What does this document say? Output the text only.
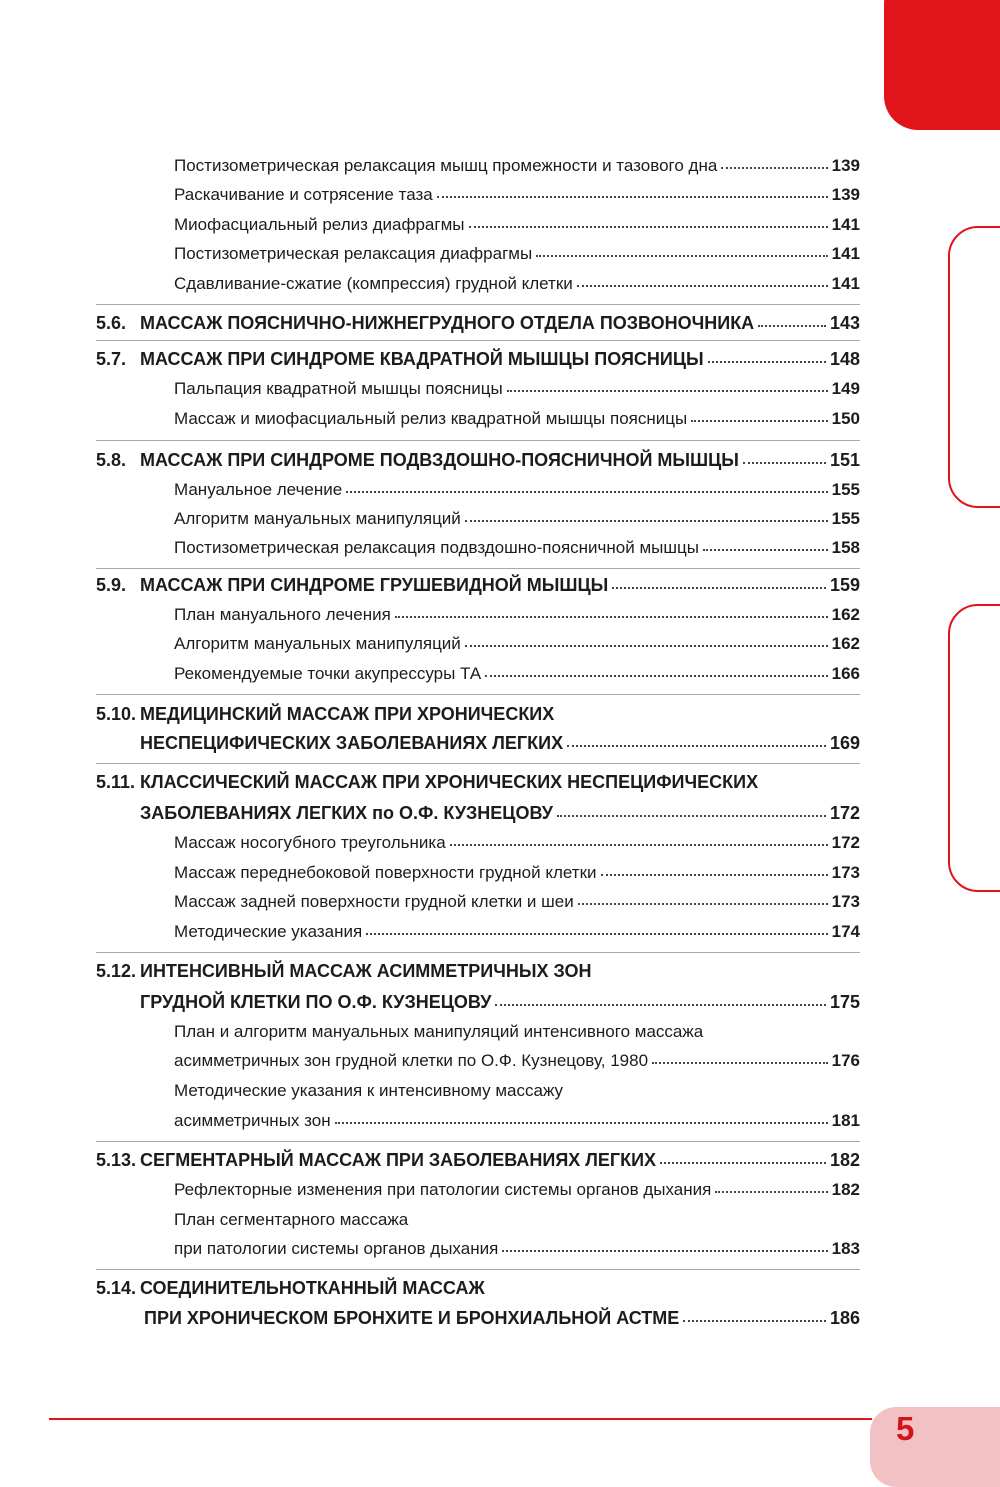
Постизометрическая релаксация мышц промежности и тазового дна	139
Раскачивание и сотрясение таза	139
Миофасциальный релиз диафрагмы	141
Постизометрическая релаксация диафрагмы	141
Сдавливание-сжатие (компрессия) грудной клетки	141
5.6. МАССАЖ ПОЯСНИЧНО-НИЖНЕГРУДНОГО ОТДЕЛА ПОЗВОНОЧНИКА	143
5.7. МАССАЖ ПРИ СИНДРОМЕ КВАДРАТНОЙ МЫШЦЫ ПОЯСНИЦЫ	148
Пальпация квадратной мышцы поясницы	149
Массаж и миофасциальный релиз квадратной мышцы поясницы	150
5.8. МАССАЖ ПРИ СИНДРОМЕ ПОДВЗДОШНО-ПОЯСНИЧНОЙ МЫШЦЫ	151
Мануальное лечение	155
Алгоритм мануальных манипуляций	155
Постизометрическая релаксация подвздошно-поясничной мышцы	158
5.9. МАССАЖ ПРИ СИНДРОМЕ ГРУШЕВИДНОЙ МЫШЦЫ	159
План мануального лечения	162
Алгоритм мануальных манипуляций	162
Рекомендуемые точки акупрессуры ТА	166
5.10. МЕДИЦИНСКИЙ МАССАЖ ПРИ ХРОНИЧЕСКИХ
НЕСПЕЦИФИЧЕСКИХ ЗАБОЛЕВАНИЯХ ЛЕГКИХ	169
5.11. КЛАССИЧЕСКИЙ МАССАЖ ПРИ ХРОНИЧЕСКИХ НЕСПЕЦИФИЧЕСКИХ
ЗАБОЛЕВАНИЯХ ЛЕГКИХ по О.Ф. КУЗНЕЦОВУ	172
Массаж носогубного треугольника	172
Массаж переднебоковой поверхности грудной клетки	173
Массаж задней поверхности грудной клетки и шеи	173
Методические указания	174
5.12. ИНТЕНСИВНЫЙ МАССАЖ АСИММЕТРИЧНЫХ ЗОН
ГРУДНОЙ КЛЕТКИ ПО О.Ф. КУЗНЕЦОВУ	175
План и алгоритм мануальных манипуляций интенсивного массажа
асимметричных зон грудной клетки по О.Ф. Кузнецову, 1980	176
Методические указания к интенсивному массажу
асимметричных зон	181
5.13. СЕГМЕНТАРНЫЙ МАССАЖ ПРИ ЗАБОЛЕВАНИЯХ ЛЕГКИХ	182
Рефлекторные изменения при патологии системы органов дыхания	182
План сегментарного массажа
при патологии системы органов дыхания	183
5.14. СОЕДИНИТЕЛЬНОТКАННЫЙ МАССАЖ
ПРИ ХРОНИЧЕСКОМ БРОНХИТЕ И БРОНХИАЛЬНОЙ АСТМЕ	186
5
